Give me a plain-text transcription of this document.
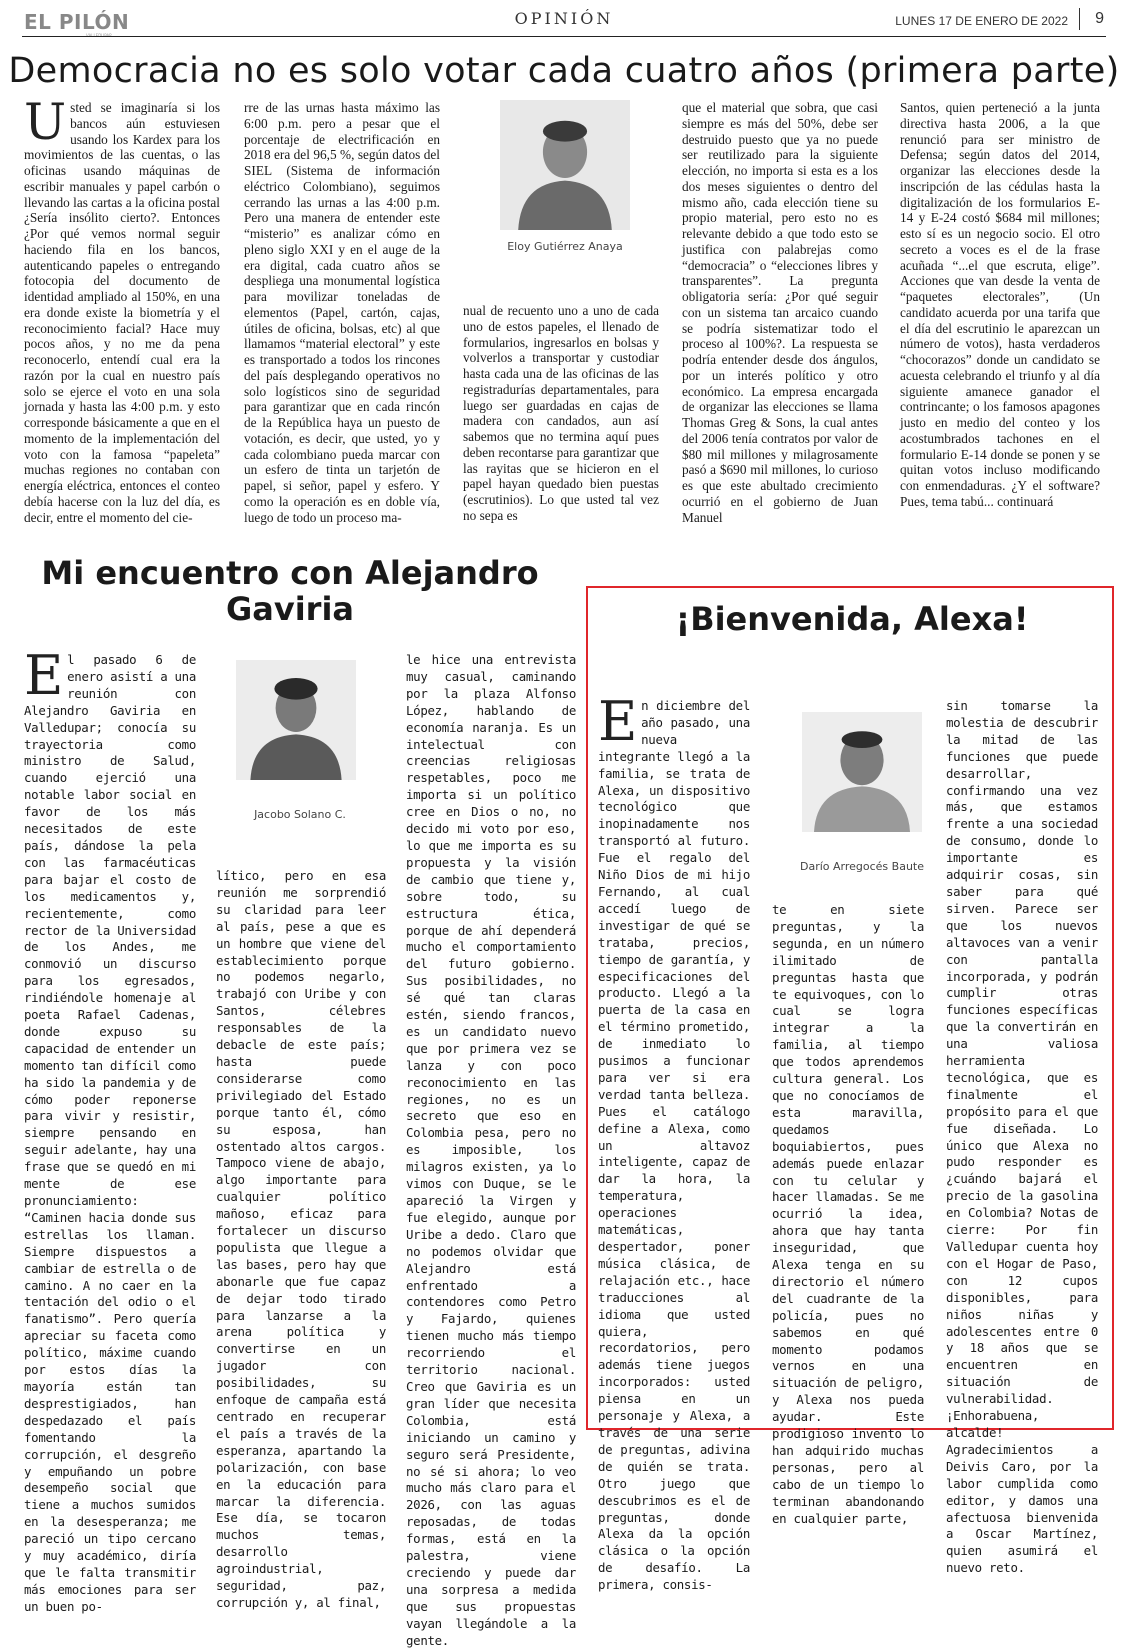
EL PILÓN	OPINIÓN	LUNES 17 DE ENERO DE 2022 9
Democracia no es solo votar cada cuatro años (primera parte)
Usted se imaginaría si los bancos aún estuviesen usando los Kardex para los movimientos de las cuentas, o las oficinas usando máquinas de escribir manuales y papel carbón o llevando las cartas a la oficina postal ¿Sería insólito cierto?. Entonces ¿Por qué vemos normal seguir haciendo fila en los bancos, autenticando papeles o entregando fotocopia del documento de identidad ampliado al 150%, en una era donde existe la biometría y el reconocimiento facial? Hace muy pocos años, y no me da pena reconocerlo, entendí cual era la razón por la cual en nuestro país solo se ejerce el voto en una sola jornada y hasta las 4:00 p.m. y esto corresponde básicamente a que en el momento de la implementación del voto con la famosa “papeleta” muchas regiones no contaban con energía eléctrica, entonces el conteo debía hacerse con la luz del día, es decir, entre el momento del cie-
rre de las urnas hasta máximo las 6:00 p.m. pero a pesar que el porcentaje de electrificación en 2018 era del 96,5 %, según datos del SIEL (Sistema de información eléctrico Colombiano), seguimos cerrando las urnas a las 4:00 p.m. Pero una manera de entender este “misterio” es analizar cómo en pleno siglo XXI y en el auge de la era digital, cada cuatro años se despliega una monumental logística para movilizar toneladas de elementos (Papel, cartón, cajas, útiles de oficina, bolsas, etc) al que llamamos “material electoral” y este es transportado a todos los rincones del país desplegando operativos no solo logísticos sino de seguridad para garantizar que en cada rincón de la República haya un puesto de votación, es decir, que usted, yo y cada colombiano pueda marcar con un esfero de tinta un tarjetón de papel, si señor, papel y esfero. Y como la operación es en doble vía, luego de todo un proceso ma-
Eloy Gutiérrez Anaya
nual de recuento uno a uno de cada uno de estos papeles, el llenado de formularios, ingresarlos en bolsas y volverlos a transportar y custodiar hasta cada una de las oficinas de las registradurías departamentales, para luego ser guardadas en cajas de madera con candados, aun así sabemos que no termina aquí pues deben recontarse para garantizar que las rayitas que se hicieron en el papel hayan quedado bien puestas (escrutinios). Lo que usted tal vez no sepa es
que el material que sobra, que casi siempre es más del 50%, debe ser destruido puesto que ya no puede ser reutilizado para la siguiente elección, no importa si esta es a los dos meses siguientes o dentro del mismo año, cada elección tiene su propio material, pero esto no es relevante debido a que todo esto se justifica con palabrejas como “democracia” o “elecciones libres y transparentes”. La pregunta obligatoria sería: ¿Por qué seguir con un sistema tan arcaico cuando se podría sistematizar todo el proceso al 100%?. La respuesta se podría entender desde dos ángulos, por un interés político y otro económico. La empresa encargada de organizar las elecciones se llama Thomas Greg & Sons, la cual antes del 2006 tenía contratos por valor de $80 mil millones y milagrosamente pasó a $690 mil millones, lo curioso es que este abultado crecimiento ocurrió en el gobierno de Juan Manuel
Santos, quien perteneció a la junta directiva hasta 2006, a la que renunció para ser ministro de Defensa; según datos del 2014, organizar las elecciones desde la inscripción de las cédulas hasta la digitalización de los formularios E-14 y E-24 costó $684 mil millones; esto sí es un negocio socio. El otro secreto a voces es el de la frase acuñada “...el que escruta, elige”. Acciones que van desde la venta de “paquetes electorales”, (Un candidato acuerda por una tarifa que el día del escrutinio le aparezcan un número de votos), hasta verdaderos “chocorazos” donde un candidato se acuesta celebrando el triunfo y al día siguiente amanece ganador el contrincante; o los famosos apagones justo en medio del conteo y los acostumbrados tachones en el formulario E-14 donde se ponen y se quitan votos incluso modificando con enmendaduras. ¿Y el software? Pues, tema tabú... continuará
Mi encuentro con Alejandro Gaviria
El pasado 6 de enero asistí a una reunión con Alejandro Gaviria en Valledupar; conocía su trayectoria como ministro de Salud, cuando ejerció una notable labor social en favor de los más necesitados de este país, dándose la pela con las farmacéuticas para bajar el costo de los medicamentos y, recientemente, como rector de la Universidad de los Andes, me conmovió un discurso para los egresados, rindiéndole homenaje al poeta Rafael Cadenas, donde expuso su capacidad de entender un momento tan difícil como ha sido la pandemia y de cómo poder reponerse para vivir y resistir, siempre pensando en seguir adelante, hay una frase que se quedó en mi mente de ese pronunciamiento: “Caminen hacia donde sus estrellas los llaman. Siempre dispuestos a cambiar de estrella o de camino. A no caer en la tentación del odio o el fanatismo”. Pero quería apreciar su faceta como político, máxime cuando por estos días la mayoría están tan desprestigiados, han despedazado el país fomentando la corrupción, el desgreño y empuñando un pobre desempeño social que tiene a muchos sumidos en la desesperanza; me pareció un tipo cercano y muy académico, diría que le falta transmitir más emociones para ser un buen po-
Jacobo Solano C.
lítico, pero en esa reunión me sorprendió su claridad para leer al país, pese a que es un hombre que viene del establecimiento porque no podemos negarlo, trabajó con Uribe y con Santos, célebres responsables de la debacle de este país; hasta puede considerarse como privilegiado del Estado porque tanto él, cómo su esposa, han ostentado altos cargos. Tampoco viene de abajo, algo importante para cualquier político mañoso, eficaz para fortalecer un discurso populista que llegue a las bases, pero hay que abonarle que fue capaz de dejar todo tirado para lanzarse a la arena política y convertirse en un jugador con posibilidades, su enfoque de campaña está centrado en recuperar el país a través de la esperanza, apartando la polarización, con base en la educación para marcar la diferencia. Ese día, se tocaron muchos temas, desarrollo agroindustrial, seguridad, paz, corrupción y, al final,
le hice una entrevista muy casual, caminando por la plaza Alfonso López, hablando de economía naranja. Es un intelectual con creencias religiosas respetables, poco me importa si un político cree en Dios o no, no decido mi voto por eso, lo que me importa es su propuesta y la visión de cambio que tiene y, sobre todo, su estructura ética, porque de ahí dependerá mucho el comportamiento del futuro gobierno. Sus posibilidades, no sé qué tan claras estén, siendo francos, es un candidato nuevo que por primera vez se lanza y con poco reconocimiento en las regiones, no es un secreto que eso en Colombia pesa, pero no es imposible, los milagros existen, ya lo vimos con Duque, se le apareció la Virgen y fue elegido, aunque por Uribe a dedo. Claro que no podemos olvidar que Alejandro está enfrentado a contendores como Petro y Fajardo, quienes tienen mucho más tiempo recorriendo el territorio nacional. Creo que Gaviria es un gran líder que necesita Colombia, está iniciando un camino y seguro será Presidente, no sé si ahora; lo veo mucho más claro para el 2026, con las aguas reposadas, de todas formas, está en la palestra, viene creciendo y puede dar una sorpresa a medida que sus propuestas vayan llegándole a la gente.
¡Bienvenida, Alexa!
En diciembre del año pasado, una nueva integrante llegó a la familia, se trata de Alexa, un dispositivo tecnológico que inopinadamente nos transportó al futuro. Fue el regalo del Niño Dios de mi hijo Fernando, al cual accedí luego de investigar de qué se trataba, precios, tiempo de garantía, y especificaciones del producto. Llegó a la puerta de la casa en el término prometido, de inmediato lo pusimos a funcionar para ver si era verdad tanta belleza. Pues el catálogo define a Alexa, como un altavoz inteligente, capaz de dar la hora, la temperatura, operaciones matemáticas, despertador, poner música clásica, de relajación etc., hace traducciones al idioma que usted quiera, recordatorios, pero además tiene juegos incorporados: usted piensa en un personaje y Alexa, a través de una serie de preguntas, adivina de quién se trata. Otro juego que descubrimos es el de preguntas, donde Alexa da la opción clásica o la opción de desafío. La primera, consis-
Darío Arregocés Baute
te en siete preguntas, y la segunda, en un número ilimitado de preguntas hasta que te equivoques, con lo cual se logra integrar a la familia, al tiempo que todos aprendemos cultura general. Los que no conocíamos de esta maravilla, quedamos boquiabiertos, pues además puede enlazar con tu celular y hacer llamadas. Se me ocurrió la idea, ahora que hay tanta inseguridad, que Alexa tenga en su directorio el número del cuadrante de la policía, pues no sabemos en qué momento podamos vernos en una situación de peligro, y Alexa nos pueda ayudar. Este prodigioso invento lo han adquirido muchas personas, pero al cabo de un tiempo lo terminan abandonando en cualquier parte,
sin tomarse la molestia de descubrir la mitad de las funciones que puede desarrollar, confirmando una vez más, que estamos frente a una sociedad de consumo, donde lo importante es adquirir cosas, sin saber para qué sirven. Parece ser que los nuevos altavoces van a venir con pantalla incorporada, y podrán cumplir otras funciones específicas que la convertirán en una valiosa herramienta tecnológica, que es finalmente el propósito para el que fue diseñada. Lo único que Alexa no pudo responder es ¿cuándo bajará el precio de la gasolina en Colombia? Notas de cierre: Por fin Valledupar cuenta hoy con el Hogar de Paso, con 12 cupos disponibles, para niños niñas y adolescentes entre 0 y 18 años que se encuentren en situación de vulnerabilidad. ¡Enhorabuena, alcalde! Agradecimientos a Deivis Caro, por la labor cumplida como editor, y damos una afectuosa bienvenida a Oscar Martínez, quien asumirá el nuevo reto.
